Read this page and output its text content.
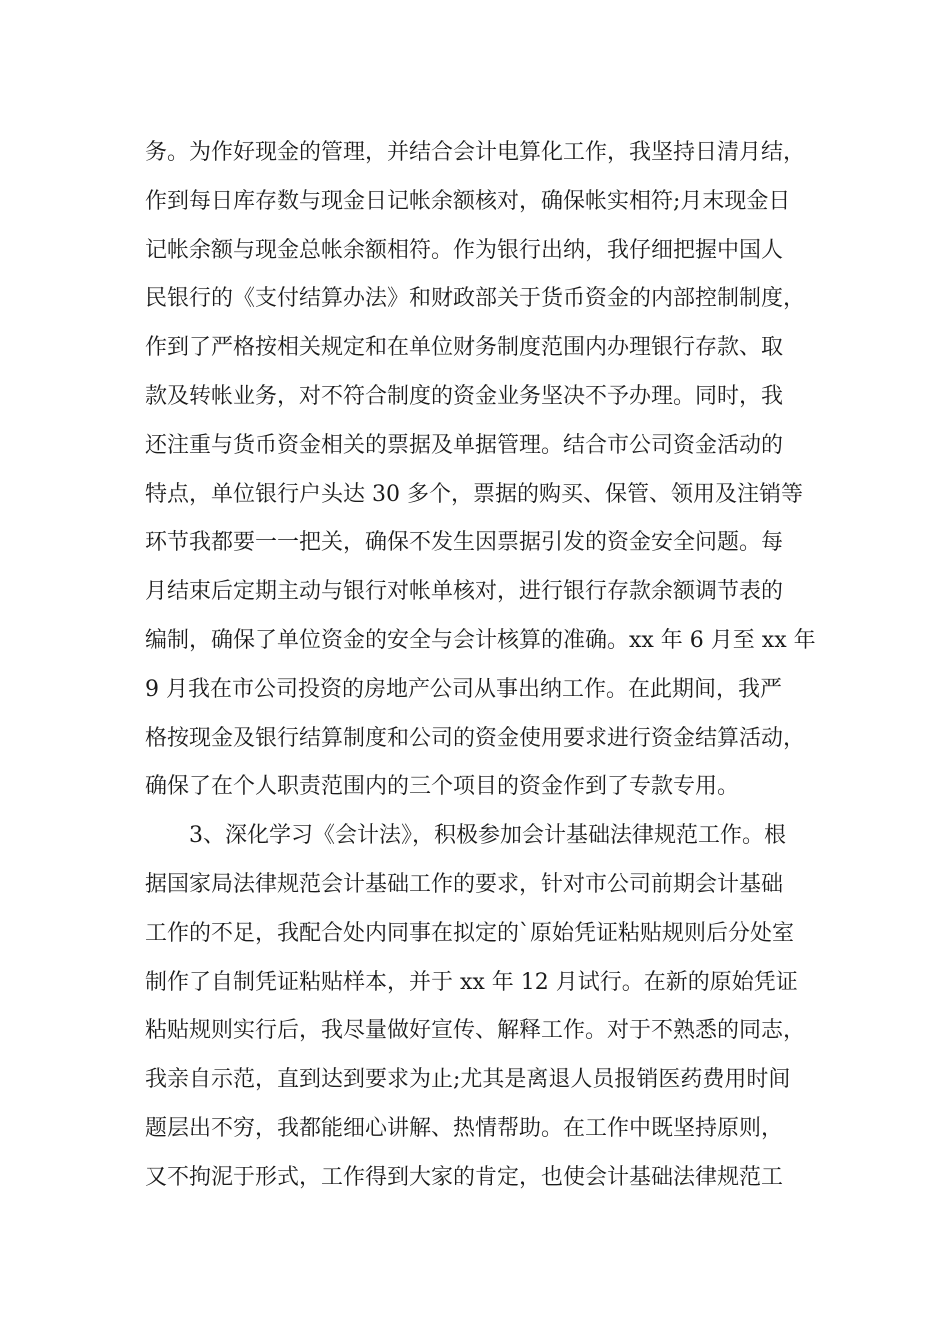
务。为作好现金的管理，并结合会计电算化工作，我坚持日清月结，
作到每日库存数与现金日记帐余额核对，确保帐实相符;月末现金日
记帐余额与现金总帐余额相符。作为银行出纳，我仔细把握中国人
民银行的《支付结算办法》和财政部关于货币资金的内部控制制度，
作到了严格按相关规定和在单位财务制度范围内办理银行存款、取
款及转帐业务，对不符合制度的资金业务坚决不予办理。同时，我
还注重与货币资金相关的票据及单据管理。结合市公司资金活动的
特点，单位银行户头达 30 多个，票据的购买、保管、领用及注销等
环节我都要一一把关，确保不发生因票据引发的资金安全问题。每
月结束后定期主动与银行对帐单核对，进行银行存款余额调节表的
编制，确保了单位资金的安全与会计核算的准确。xx 年 6 月至 xx 年
9 月我在市公司投资的房地产公司从事出纳工作。在此期间，我严
格按现金及银行结算制度和公司的资金使用要求进行资金结算活动，
确保了在个人职责范围内的三个项目的资金作到了专款专用。
3、深化学习《会计法》，积极参加会计基础法律规范工作。根
据国家局法律规范会计基础工作的要求，针对市公司前期会计基础
工作的不足，我配合处内同事在拟定的`原始凭证粘贴规则后分处室
制作了自制凭证粘贴样本，并于 xx 年 12 月试行。在新的原始凭证
粘贴规则实行后，我尽量做好宣传、解释工作。对于不熟悉的同志，
我亲自示范，直到达到要求为止;尤其是离退人员报销医药费用时间
题层出不穷，我都能细心讲解、热情帮助。在工作中既坚持原则，
又不拘泥于形式，工作得到大家的肯定，也使会计基础法律规范工
